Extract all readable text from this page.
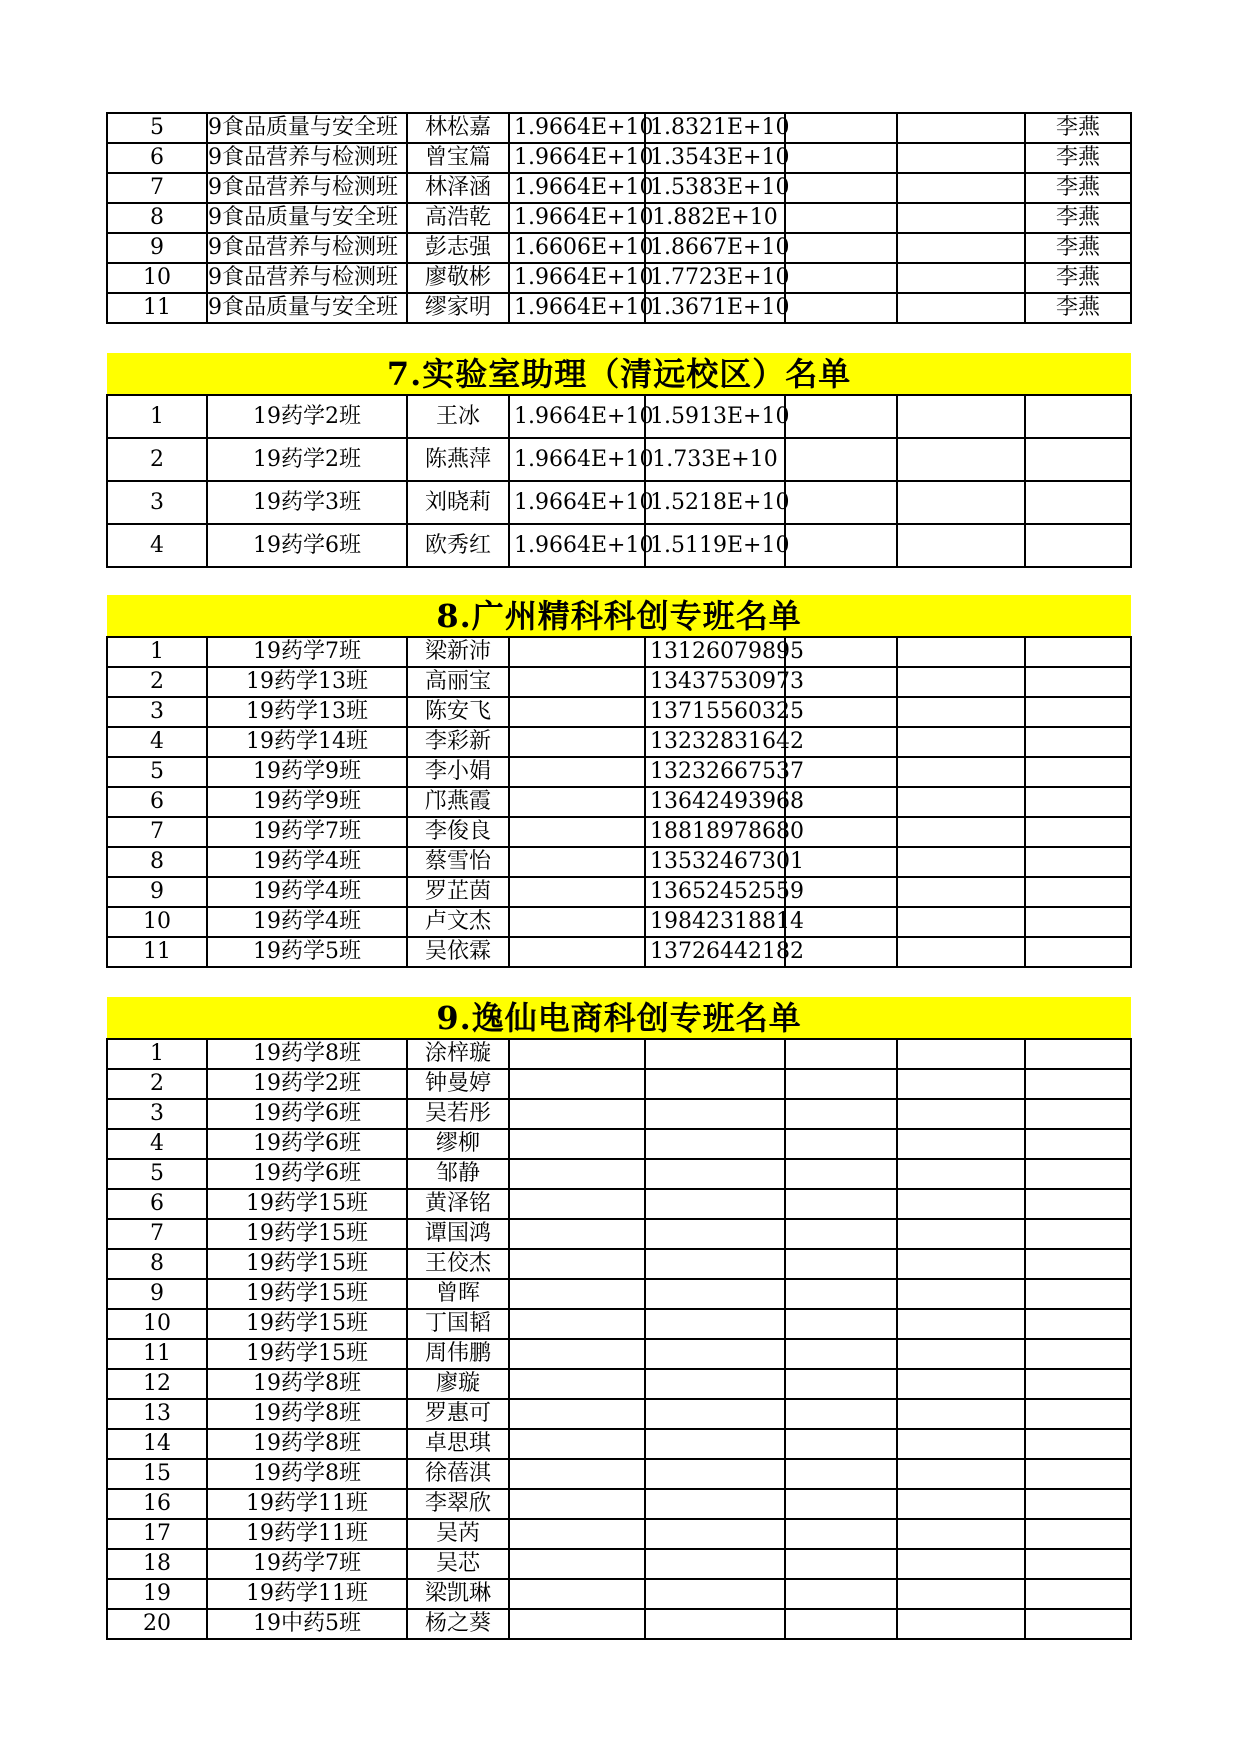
5	9食品质量与安全班	林松嘉	1.9664E+10	1.8321E+10			李燕
6	9食品营养与检测班	曾宝篇	1.9664E+10	1.3543E+10			李燕
7	9食品营养与检测班	林泽涵	1.9664E+10	1.5383E+10			李燕
8	9食品质量与安全班	高浩乾	1.9664E+10	1.882E+10			李燕
9	9食品营养与检测班	彭志强	1.6606E+10	1.8667E+10			李燕
10	9食品营养与检测班	廖敬彬	1.9664E+10	1.7723E+10			李燕
11	9食品质量与安全班	缪家明	1.9664E+10	1.3671E+10			李燕
7.实验室助理（清远校区）名单							
1	19药学2班	王冰	1.9664E+10	1.5913E+10			
2	19药学2班	陈燕萍	1.9664E+10	1.733E+10			
3	19药学3班	刘晓莉	1.9664E+10	1.5218E+10			
4	19药学6班	欧秀红	1.9664E+10	1.5119E+10			
8.广州精科科创专班名单							
1	19药学7班	梁新沛		13126079895			
2	19药学13班	高丽宝		13437530973			
3	19药学13班	陈安飞		13715560325			
4	19药学14班	李彩新		13232831642			
5	19药学9班	李小娟		13232667537			
6	19药学9班	邝燕霞		13642493968			
7	19药学7班	李俊良		18818978680			
8	19药学4班	蔡雪怡		13532467301			
9	19药学4班	罗芷茵		13652452559			
10	19药学4班	卢文杰		19842318814			
11	19药学5班	吴依霖		13726442182			
9.逸仙电商科创专班名单							
1	19药学8班	涂梓璇					
2	19药学2班	钟曼婷					
3	19药学6班	吴若彤					
4	19药学6班	缪柳					
5	19药学6班	邹静					
6	19药学15班	黄泽铭					
7	19药学15班	谭国鸿					
8	19药学15班	王佼杰					
9	19药学15班	曾晖					
10	19药学15班	丁国韬					
11	19药学15班	周伟鹏					
12	19药学8班	廖璇					
13	19药学8班	罗惠可					
14	19药学8班	卓思琪					
15	19药学8班	徐蓓淇					
16	19药学11班	李翠欣					
17	19药学11班	吴芮					
18	19药学7班	吴芯					
19	19药学11班	梁凯琳					
20	19中药5班	杨之葵					
